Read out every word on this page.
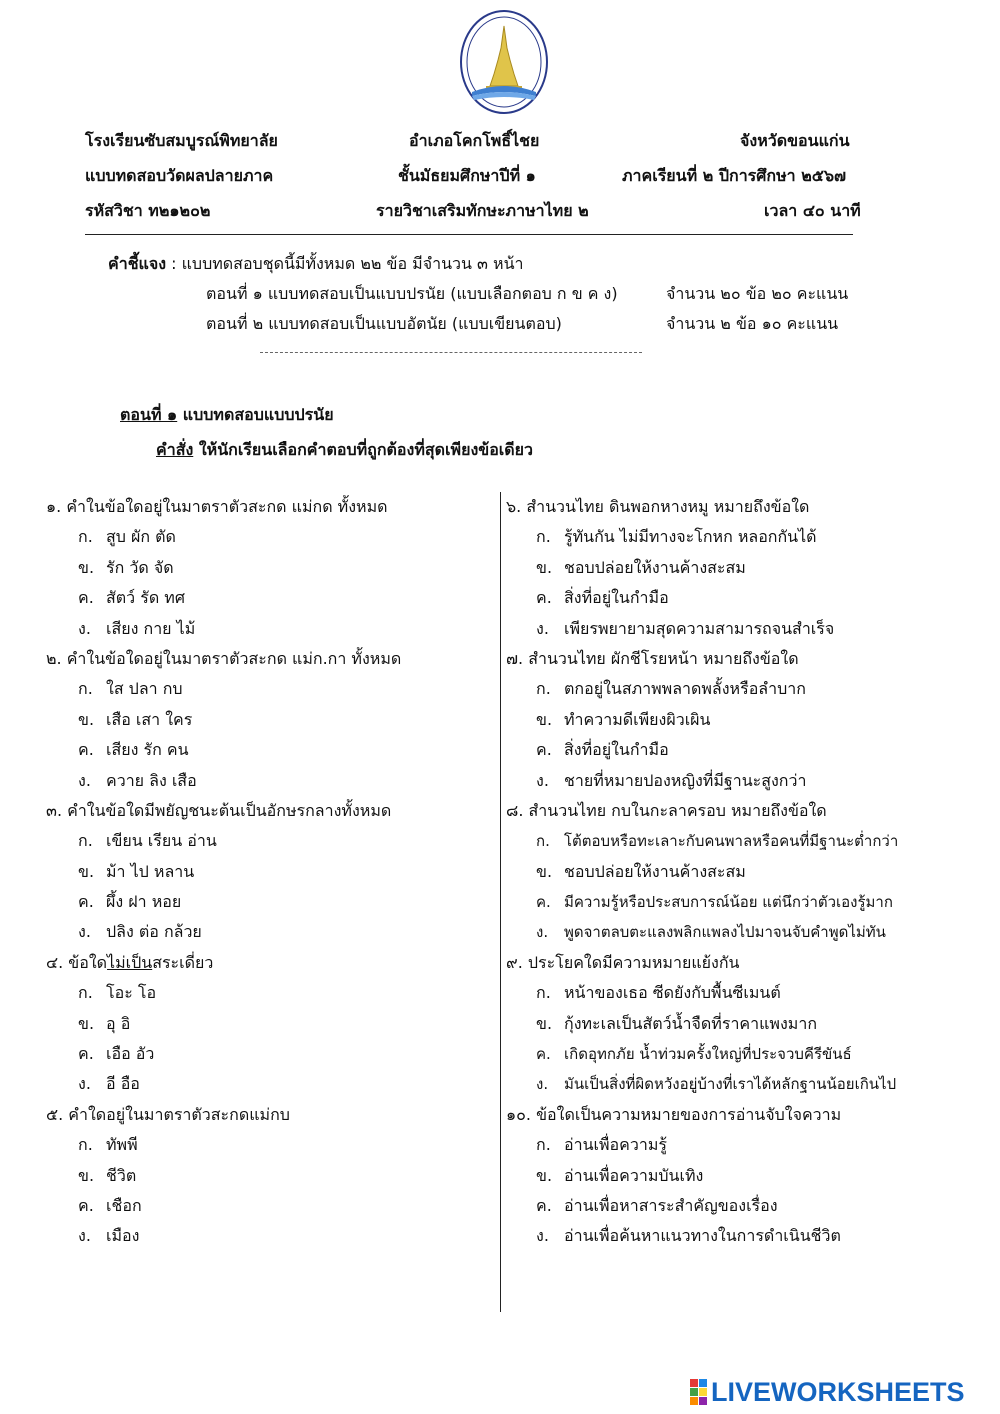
โรงเรียนซับสมบูรณ์พิทยาลัย	อำเภอโคกโพธิ์ไชย	จังหวัดขอนแก่น
แบบทดสอบวัดผลปลายภาค	ชั้นมัธยมศึกษาปีที่ ๑	ภาคเรียนที่ ๒ ปีการศึกษา ๒๕๖๗
รหัสวิชา ท๒๑๒๐๒	รายวิชาเสริมทักษะภาษาไทย ๒	เวลา ๔๐ นาที
คำชี้แจง : แบบทดสอบชุดนี้มีทั้งหมด ๒๒ ข้อ มีจำนวน ๓ หน้า
ตอนที่ ๑ แบบทดสอบเป็นแบบปรนัย (แบบเลือกตอบ ก ข ค ง)	จำนวน ๒๐ ข้อ ๒๐ คะแนน
ตอนที่ ๒ แบบทดสอบเป็นแบบอัตนัย (แบบเขียนตอบ)	จำนวน ๒ ข้อ ๑๐ คะแนน
ตอนที่ ๑ แบบทดสอบแบบปรนัย
คำสั่ง ให้นักเรียนเลือกคำตอบที่ถูกต้องที่สุดเพียงข้อเดียว
๑. คำในข้อใดอยู่ในมาตราตัวสะกด แม่กด ทั้งหมด
ก. สูบ ผัก ตัด
ข. รัก วัด จัด
ค. สัตว์ รัด ทศ
ง. เสียง กาย ไม้
๒. คำในข้อใดอยู่ในมาตราตัวสะกด แม่ก.กา ทั้งหมด
ก. ใส ปลา กบ
ข. เสือ เสา ใคร
ค. เสียง รัก คน
ง. ควาย ลิง เสือ
๓. คำในข้อใดมีพยัญชนะต้นเป็นอักษรกลางทั้งหมด
ก. เขียน เรียน อ่าน
ข. ม้า ไป หลาน
ค. ผึ้ง ฝา หอย
ง. ปลิง ต่อ กล้วย
๔. ข้อใดไม่เป็นสระเดี่ยว
ก. โอะ โอ
ข. อุ อิ
ค. เอือ อัว
ง. อี อือ
๕. คำใดอยู่ในมาตราตัวสะกดแม่กบ
ก. ทัพพี
ข. ชีวิต
ค. เชือก
ง. เมือง
๖. สำนวนไทย ดินพอกหางหมู หมายถึงข้อใด
ก. รู้ทันกัน ไม่มีทางจะโกหก หลอกกันได้
ข. ชอบปล่อยให้งานค้างสะสม
ค. สิ่งที่อยู่ในกำมือ
ง. เพียรพยายามสุดความสามารถจนสำเร็จ
๗. สำนวนไทย ผักชีโรยหน้า หมายถึงข้อใด
ก. ตกอยู่ในสภาพพลาดพลั้งหรือลำบาก
ข. ทำความดีเพียงผิวเผิน
ค. สิ่งที่อยู่ในกำมือ
ง. ชายที่หมายปองหญิงที่มีฐานะสูงกว่า
๘. สำนวนไทย กบในกะลาครอบ หมายถึงข้อใด
ก. โต้ตอบหรือทะเลาะกับคนพาลหรือคนที่มีฐานะต่ำกว่า
ข. ชอบปล่อยให้งานค้างสะสม
ค. มีความรู้หรือประสบการณ์น้อย แต่นึกว่าตัวเองรู้มาก
ง. พูดจาตลบตะแลงพลิกแพลงไปมาจนจับคำพูดไม่ทัน
๙. ประโยคใดมีความหมายแย้งกัน
ก. หน้าของเธอ ซีดยังกับพื้นซีเมนต์
ข. กุ้งทะเลเป็นสัตว์น้ำจืดที่ราคาแพงมาก
ค. เกิดอุทกภัย น้ำท่วมครั้งใหญ่ที่ประจวบคีรีขันธ์
ง. มันเป็นสิ่งที่ผิดหวังอยู่บ้างที่เราได้หลักฐานน้อยเกินไป
๑๐. ข้อใดเป็นความหมายของการอ่านจับใจความ
ก. อ่านเพื่อความรู้
ข. อ่านเพื่อความบันเทิง
ค. อ่านเพื่อหาสาระสำคัญของเรื่อง
ง. อ่านเพื่อค้นหาแนวทางในการดำเนินชีวิต
LIVEWORKSHEETS
